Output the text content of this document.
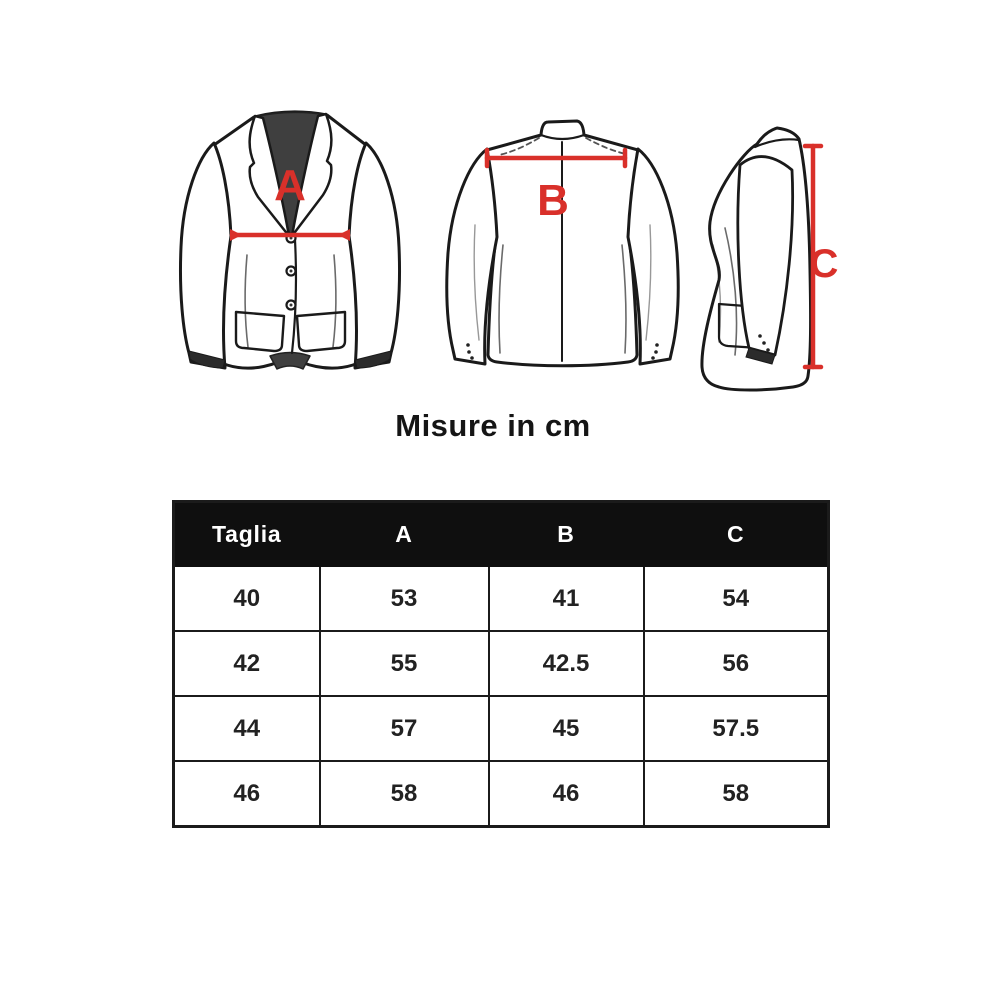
A	B
C
Misure in cm
Taglia	A	B	C
40	53	41	54
42	55	42.5	56
44	57	45	57.5
46	58	46	58
